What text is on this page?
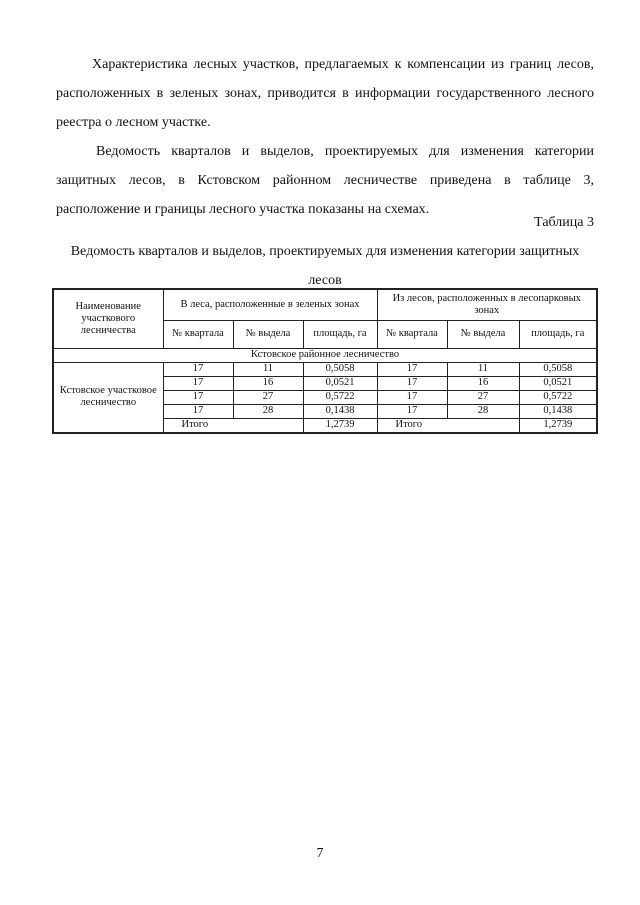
Характеристика лесных участков, предлагаемых к компенсации из границ лесов, расположенных в зеленых зонах, приводится в информации государственного лесного реестра о лесном участке.

Ведомость кварталов и выделов, проектируемых для изменения категории защитных лесов, в Кстовском районном лесничестве приведена в таблице 3, расположение и границы лесного участка показаны на схемах.

Таблица 3

Ведомость кварталов и выделов, проектируемых для изменения категории защитных лесов

Наименование участкового лесничества	В леса, расположенные в зеленых зонах			Из лесов, расположенных в лесопарковых зонах		
	№ квартала	№ выдела	площадь, га	№ квартала	№ выдела	площадь, га
Кстовское районное лесничество						
Кстовское участковое лесничество	17	11	0,5058	17	11	0,5058
	17	16	0,0521	17	16	0,0521
	17	27	0,5722	17	27	0,5722
	17	28	0,1438	17	28	0,1438
	Итого		1,2739	Итого		1,2739
7
